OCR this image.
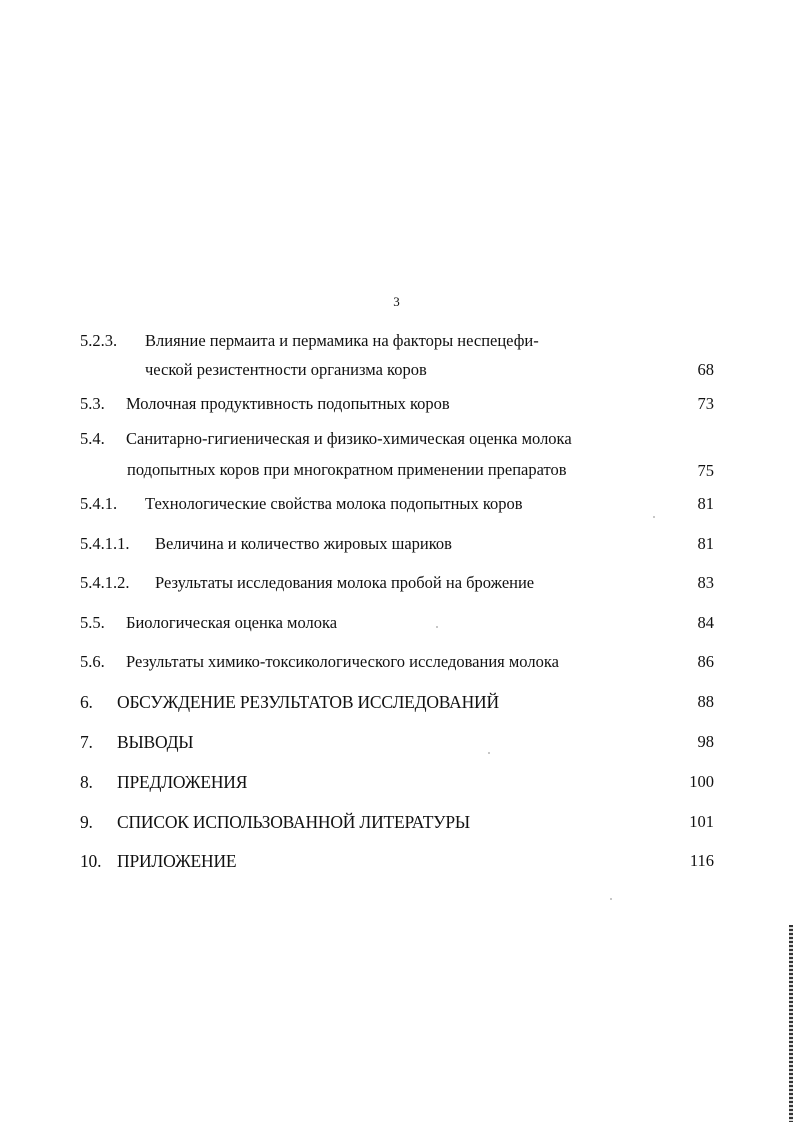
3
5.2.3. Влияние пермаита и пермамика на факторы неспецефи-
ческой резистентности организма коров	68
5.3. Молочная продуктивность подопытных коров	73
5.4. Санитарно-гигиеническая и физико-химическая оценка молока
подопытных коров при многократном применении препаратов	75
5.4.1. Технологические свойства молока подопытных коров	81
5.4.1.1. Величина и количество жировых шариков	81
5.4.1.2. Результаты исследования молока пробой на брожение	83
5.5. Биологическая оценка молока	84
5.6. Результаты химико-токсикологического исследования молока	86
6. ОБСУЖДЕНИЕ РЕЗУЛЬТАТОВ ИССЛЕДОВАНИЙ	88
7. ВЫВОДЫ	98
8. ПРЕДЛОЖЕНИЯ	100
9. СПИСОК ИСПОЛЬЗОВАННОЙ ЛИТЕРАТУРЫ	101
10. ПРИЛОЖЕНИЕ	116
